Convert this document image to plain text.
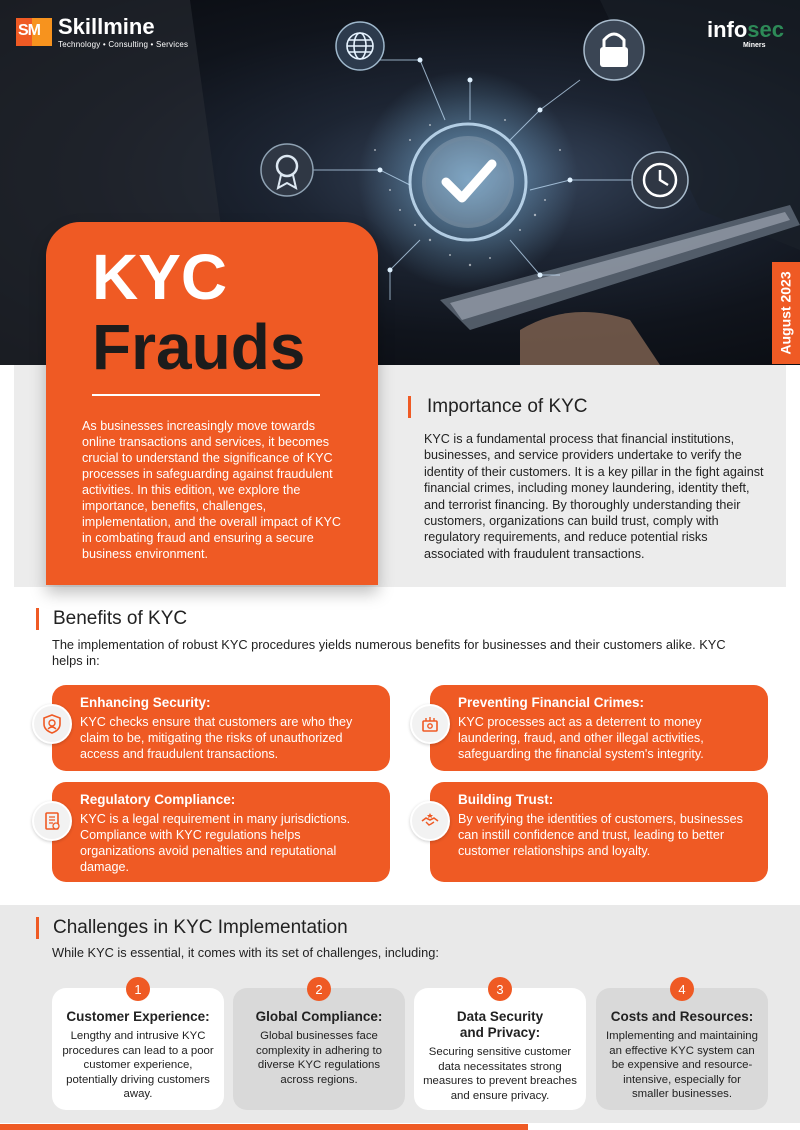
SM Skillmine
Technology • Consulting • Services
infosec
Miners
August 2023
KYC
Frauds
As businesses increasingly move towards online transactions and services, it becomes crucial to understand the significance of KYC processes in safeguarding against fraudulent activities. In this edition, we explore the importance, benefits, challenges, implementation, and the overall impact of KYC in combating fraud and ensuring a secure business environment.
Importance of KYC
KYC is a fundamental process that financial institutions, businesses, and service providers undertake to verify the identity of their customers. It is a key pillar in the fight against financial crimes, including money laundering, identity theft, and terrorist financing. By thoroughly understanding their customers, organizations can build trust, comply with regulatory requirements, and reduce potential risks associated with fraudulent transactions.
Benefits of KYC
The implementation of robust KYC procedures yields numerous benefits for businesses and their customers alike. KYC helps in:
Enhancing Security:

KYC checks ensure that customers are who they claim to be, mitigating the risks of unauthorized access and fraudulent transactions.

Preventing Financial Crimes:

KYC processes act as a deterrent to money laundering, fraud, and other illegal activities, safeguarding the financial system's integrity.

Regulatory Compliance:

KYC is a legal requirement in many jurisdictions. Compliance with KYC regulations helps organizations avoid penalties and reputational damage.

Building Trust:

By verifying the identities of customers, businesses can instill confidence and trust, leading to better customer relationships and loyalty.

Challenges in KYC Implementation
While KYC is essential, it comes with its set of challenges, including:
Customer Experience:

Lengthy and intrusive KYC procedures can lead to a poor customer experience, potentially driving customers away.

1
Global Compliance:

Global businesses face complexity in adhering to diverse KYC regulations across regions.

2
Data Security and Privacy:

Securing sensitive customer data necessitates strong measures to prevent breaches and ensure privacy.

3
Costs and Resources:

Implementing and maintaining an effective KYC system can be expensive and resource-intensive, especially for smaller businesses.

4
